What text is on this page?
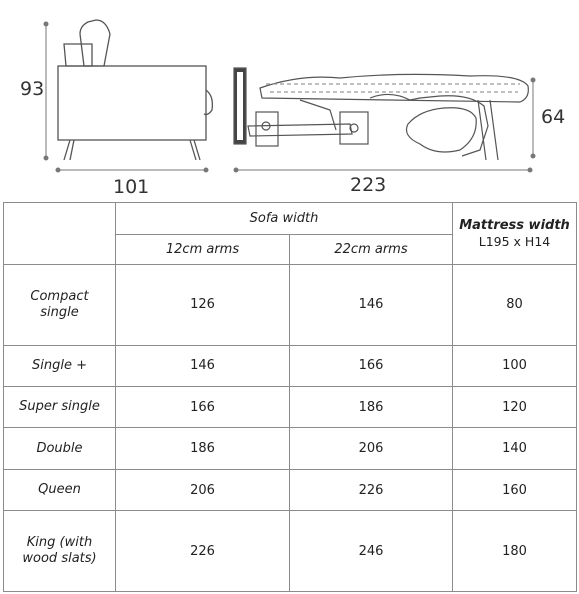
93
101	223
64
	Sofa width		Mattress width
L195 x H14

	12cm arms	22cm arms	
Compact single	126	146	80
Single +	146	166	100
Super single	166	186	120
Double	186	206	140
Queen	206	226	160
King (with wood slats)	226	246	180
